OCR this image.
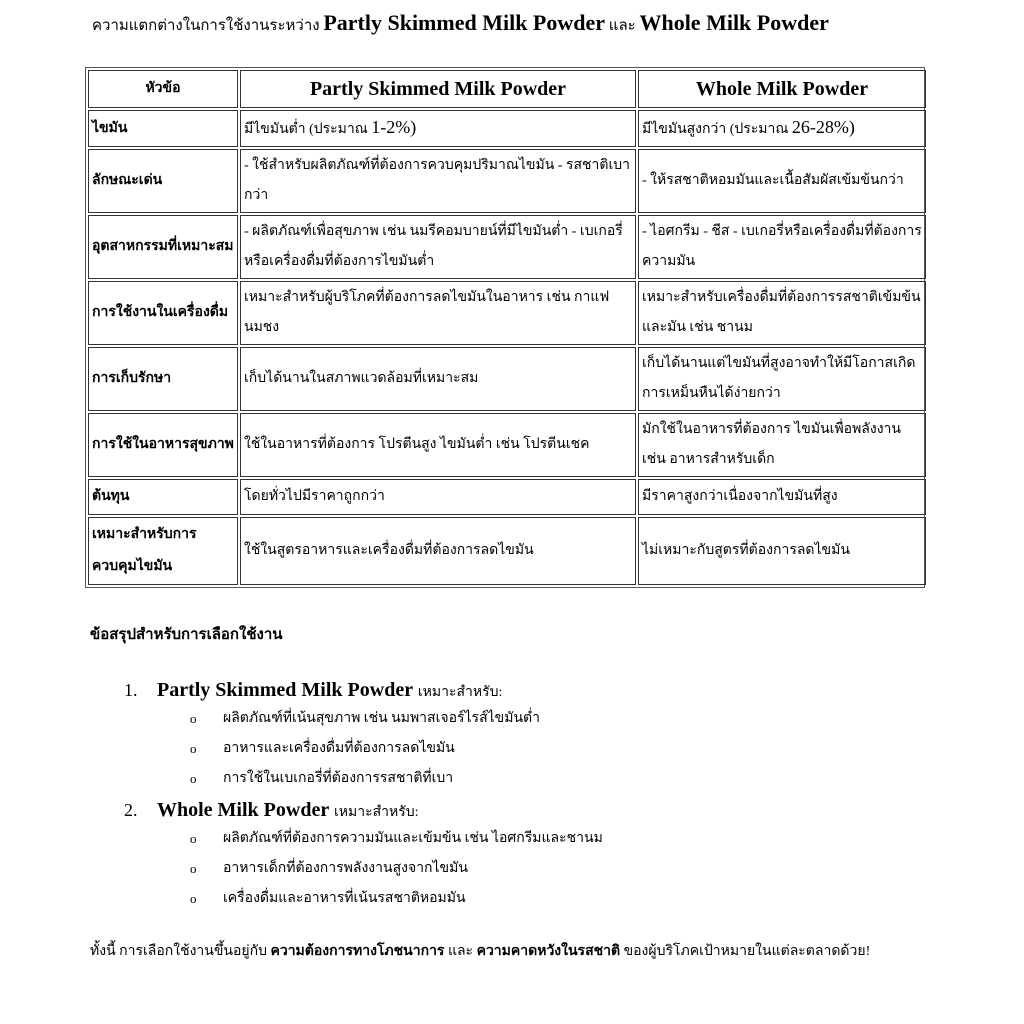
ความแตกต่างในการใช้งานระหว่าง Partly Skimmed Milk Powder และ Whole Milk Powder
หัวข้อ	Partly Skimmed Milk Powder	Whole Milk Powder
ไขมัน	มีไขมันต่ำ (ประมาณ 1-2%)	มีไขมันสูงกว่า (ประมาณ 26-28%)
ลักษณะเด่น	- ใช้สำหรับผลิตภัณฑ์ที่ต้องการควบคุมปริมาณไขมัน - รสชาติเบากว่า	- ให้รสชาติหอมมันและเนื้อสัมผัสเข้มข้นกว่า
อุตสาหกรรมที่เหมาะสม	- ผลิตภัณฑ์เพื่อสุขภาพ เช่น นมรีคอมบายน์ที่มีไขมันต่ำ - เบเกอรี่หรือเครื่องดื่มที่ต้องการไขมันต่ำ	- ไอศกรีม - ชีส - เบเกอรี่หรือเครื่องดื่มที่ต้องการความมัน
การใช้งานในเครื่องดื่ม	เหมาะสำหรับผู้บริโภคที่ต้องการลดไขมันในอาหาร เช่น กาแฟ นมชง	เหมาะสำหรับเครื่องดื่มที่ต้องการรสชาติเข้มข้นและมัน เช่น ชานม
การเก็บรักษา	เก็บได้นานในสภาพแวดล้อมที่เหมาะสม	เก็บได้นานแต่ไขมันที่สูงอาจทำให้มีโอกาสเกิดการเหม็นหืนได้ง่ายกว่า
การใช้ในอาหารสุขภาพ	ใช้ในอาหารที่ต้องการ โปรตีนสูง ไขมันต่ำ เช่น โปรตีนเชค	มักใช้ในอาหารที่ต้องการ ไขมันเพื่อพลังงาน เช่น อาหารสำหรับเด็ก
ต้นทุน	โดยทั่วไปมีราคาถูกกว่า	มีราคาสูงกว่าเนื่องจากไขมันที่สูง
เหมาะสำหรับการควบคุมไขมัน	ใช้ในสูตรอาหารและเครื่องดื่มที่ต้องการลดไขมัน	ไม่เหมาะกับสูตรที่ต้องการลดไขมัน
ข้อสรุปสำหรับการเลือกใช้งาน
1. Partly Skimmed Milk Powder เหมาะสำหรับ:
o ผลิตภัณฑ์ที่เน้นสุขภาพ เช่น นมพาสเจอร์ไรส์ไขมันต่ำ
o อาหารและเครื่องดื่มที่ต้องการลดไขมัน
o การใช้ในเบเกอรี่ที่ต้องการรสชาติที่เบา
2. Whole Milk Powder เหมาะสำหรับ:
o ผลิตภัณฑ์ที่ต้องการความมันและเข้มข้น เช่น ไอศกรีมและชานม
o อาหารเด็กที่ต้องการพลังงานสูงจากไขมัน
o เครื่องดื่มและอาหารที่เน้นรสชาติหอมมัน
ทั้งนี้ การเลือกใช้งานขึ้นอยู่กับ ความต้องการทางโภชนาการ และ ความคาดหวังในรสชาติ ของผู้บริโภคเป้าหมายในแต่ละตลาดด้วย!
